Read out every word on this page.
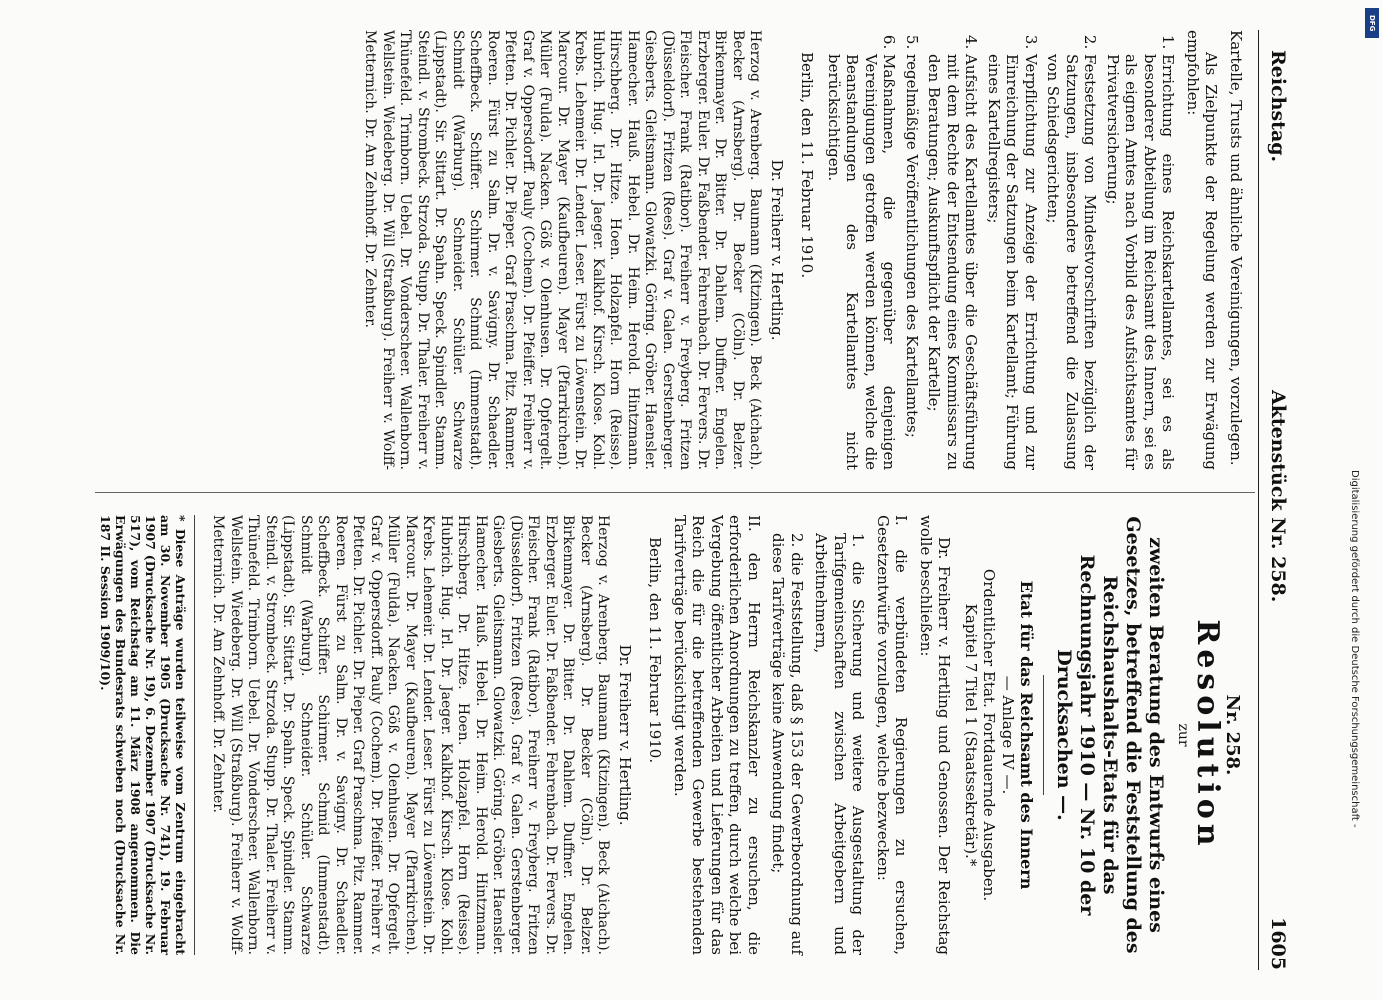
Reichstag.
Aktenstück Nr. 258.
1605

Kartelle, Trusts und ähnliche Vereinigungen, vorzulegen.

Als Zielpunkte der Regelung werden zur Erwägung empfohlen:

1. Errichtung eines Reichskartellamtes, sei es als besonderer Abteilung im Reichsamt des Innern, sei es als eignen Amtes nach Vorbild des Aufsichtsamtes für Privatversicherung;
2. Festsetzung von Mindestvorschriften bezüglich der Satzungen, insbesondere betreffend die Zulassung von Schiedsgerichten;
3. Verpflichtung zur Anzeige der Errichtung und zur Einreichung der Satzungen beim Kartellamt; Führung eines Kartellregisters;
4. Aufsicht des Kartellamtes über die Geschäftsführung mit dem Rechte der Entsendung eines Kommissars zu den Beratungen; Auskunftspflicht der Kartelle;
5. regelmäßige Veröffentlichungen des Kartellamtes;
6. Maßnahmen, die gegenüber denjenigen Vereinigungen getroffen werden können, welche die Beanstandungen des Kartellamtes nicht berücksichtigen.

Berlin, den 11. Februar 1910.

Dr. Freiherr v. Hertling.

Herzog v. Arenberg. Baumann (Kitzingen). Beck (Aichach). Becker (Arnsberg). Dr. Becker (Cöln). Dr. Belzer. Birkenmayer. Dr. Bitter. Dr. Dahlem. Duffner. Engelen. Erzberger. Euler. Dr. Faßbender. Fehrenbach. Dr. Fervers. Dr. Fleischer. Frank (Ratibor). Freiherr v. Freyberg. Fritzen (Düsseldorf). Fritzen (Rees). Graf v. Galen. Gerstenberger. Giesberts. Gleitsmann. Glowatzki. Göring. Gröber. Haensler. Hamecher. Hauß. Hebel. Dr. Heim. Herold. Hintzmann. Hirschberg. Dr. Hitze. Hoen. Holzapfel. Horn (Reisse). Hubrich. Hug. Irl. Dr. Jaeger. Kalkhof. Kirsch. Klose. Kohl. Krebs. Lehemeir. Dr. Lender. Leser. Fürst zu Löwenstein. Dr. Marcour. Dr. Mayer (Kaufbeuren). Mayer (Pfarrkirchen). Müller (Fulda). Nacken. Göß v. Olenhusen. Dr. Opfergelt. Graf v. Oppersdorff. Pauly (Cochem). Dr. Pfeiffer. Freiherr v. Pfetten. Dr. Pichler. Dr. Pieper. Graf Praschma. Pitz. Rammer. Roeren. Fürst zu Salm. Dr. v. Savigny. Dr. Schaedler. Scheffbeck. Schiffer. Schirmer. Schmid (Immenstadt). Schmidt (Warburg). Schneider. Schüler. Schwarze (Lippstadt). Sir. Sittart. Dr. Spahn. Speck. Spindler. Stamm. Steindl. v. Strombeck. Strzoda. Stupp. Dr. Thaler. Freiherr v. Thünefeld. Trimborn. Uebel. Dr. Vonderscheer. Wallenborn. Wellstein. Wiedeberg. Dr. Will (Straßburg). Freiherr v. Wolff-Metternich. Dr. Am Zehnhoff. Dr. Zehnter.

Nr. 258.
Resolution
zur
zweiten Beratung des Entwurfs eines Gesetzes, betreffend die Feststellung des Reichshaushalts-Etats für das Rechnungsjahr 1910 — Nr. 10 der Drucksachen —.
Etat für das Reichsamt des Innern
— Anlage IV —.
Ordentlicher Etat. Fortdauernde Ausgaben.
Kapitel 7 Titel 1 (Staatssekretär).*

Dr. Freiherr v. Hertling und Genossen. Der Reichstag wolle beschließen:

I. die verbündeten Regierungen zu ersuchen, Gesetzentwürfe vorzulegen, welche bezwecken:

1. die Sicherung und weitere Ausgestaltung der Tarifgemeinschaften zwischen Arbeitgebern und Arbeitnehmern,

2. die Feststellung, daß § 153 der Gewerbeordnung auf diese Tarifverträge keine Anwendung findet;

II. den Herrn Reichskanzler zu ersuchen, die erforderlichen Anordnungen zu treffen, durch welche bei Vergebung öffentlicher Arbeiten und Lieferungen für das Reich die für die betreffenden Gewerbe bestehenden Tarifverträge berücksichtigt werden.

Berlin, den 11. Februar 1910.

Dr. Freiherr v. Hertling.

Herzog v. Arenberg. Baumann (Kitzingen). Beck (Aichach). Becker (Arnsberg). Dr. Becker (Cöln). Dr. Belzer. Birkenmayer. Dr. Bitter. Dr. Dahlem. Duffner. Engelen. Erzberger. Euler. Dr. Faßbender. Fehrenbach. Dr. Fervers. Dr. Fleischer. Frank (Ratibor). Freiherr v. Freyberg. Fritzen (Düsseldorf). Fritzen (Rees). Graf v. Galen. Gerstenberger. Giesberts. Gleitsmann. Glowatzki. Göring. Gröber. Haensler. Hamecher. Hauß. Hebel. Dr. Heim. Herold. Hintzmann. Hirschberg. Dr. Hitze. Hoen. Holzapfel. Horn (Reisse). Hubrich. Hug. Irl. Dr. Jaeger. Kalkhof. Kirsch. Klose. Kohl. Krebs. Lehemeir. Dr. Lender. Leser. Fürst zu Löwenstein. Dr. Marcour. Dr. Mayer (Kaufbeuren). Mayer (Pfarrkirchen). Müller (Fulda). Nacken. Göß v. Olenhusen. Dr. Opfergelt. Graf v. Oppersdorff. Pauly (Cochem). Dr. Pfeiffer. Freiherr v. Pfetten. Dr. Pichler. Dr. Pieper. Graf Praschma. Pitz. Rammer. Roeren. Fürst zu Salm. Dr. v. Savigny. Dr. Schaedler. Scheffbeck. Schiffer. Schirmer. Schmid (Immenstadt). Schmidt (Warburg). Schneider. Schüler. Schwarze (Lippstadt). Sir. Sittart. Dr. Spahn. Speck. Spindler. Stamm. Steindl. v. Strombeck. Strzoda. Stupp. Dr. Thaler. Freiherr v. Thünefeld. Trimborn. Uebel. Dr. Vonderscheer. Wallenborn. Wellstein. Wiedeberg. Dr. Will (Straßburg). Freiherr v. Wolff-Metternich. Dr. Am Zehnhoff. Dr. Zehnter.

* Diese Anträge wurden teilweise vom Zentrum eingebracht am 30. November 1905 (Drucksache Nr. 741), 19. Februar 1907 (Drucksache Nr. 19), 6. Dezember 1907 (Drucksache Nr. 517), vom Reichstag am 11. März 1908 angenommen. Die Erwägungen des Bundesrats schweben noch (Drucksache Nr. 187 II. Session 1909/10).
DFG
Digitalisierung gefördert durch die Deutsche Forschungsgemeinschaft -
